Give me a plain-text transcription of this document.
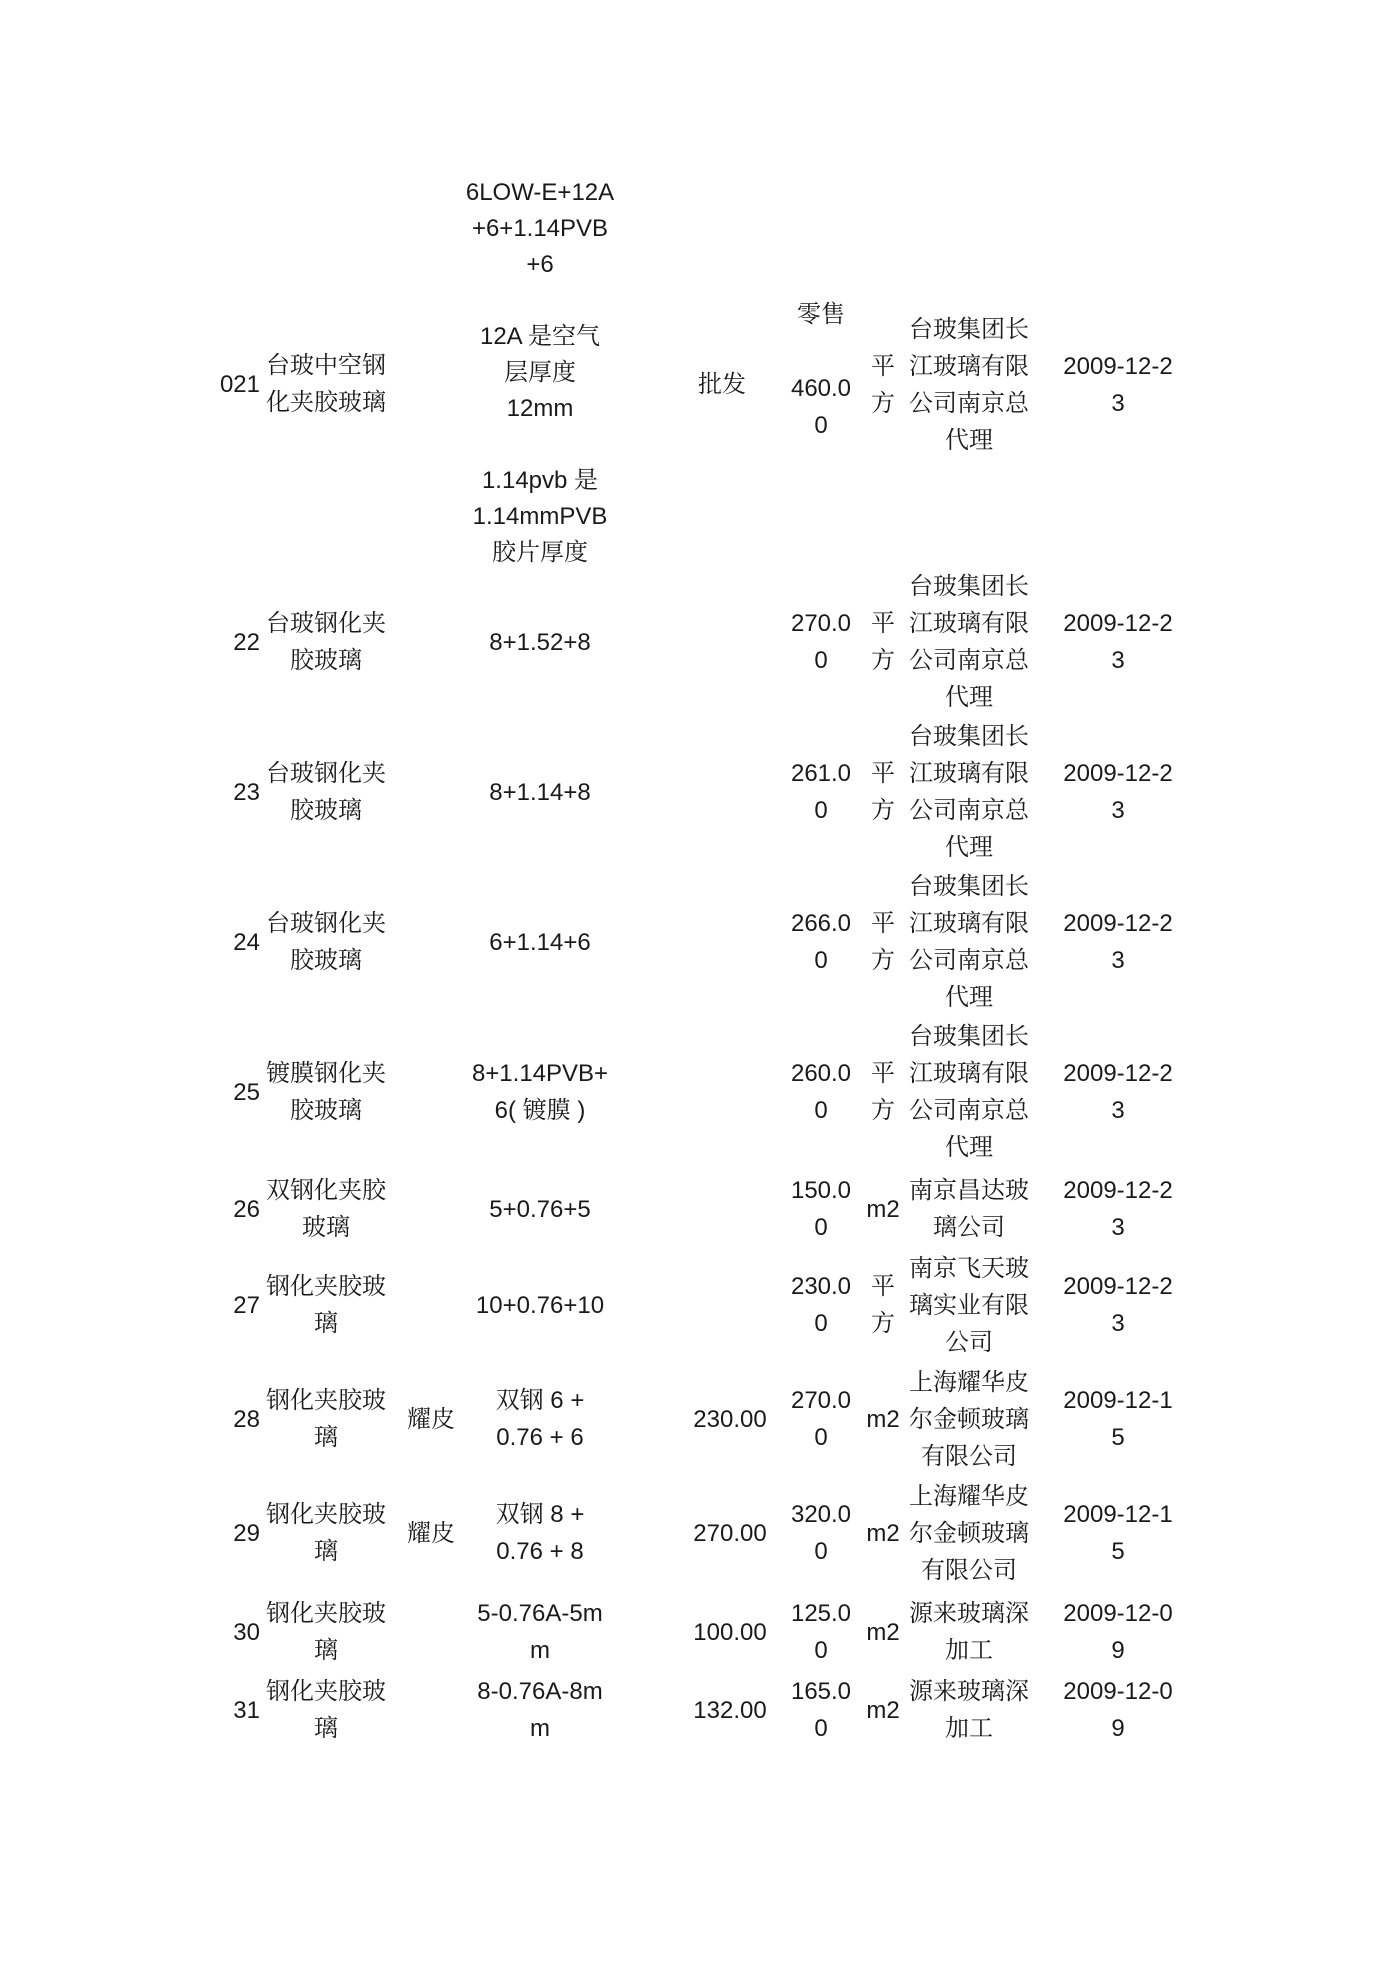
021
台玻中空钢
化夹胶玻璃
6LOW-E+12A
+6+1.14PVB
+6

12A 是空气
层厚度
12mm

1.14pvb 是
1.14mmPVB
胶片厚度
批发
零售

460.0
0
平
方
台玻集团长
江玻璃有限
公司南京总
代理
2009-12-2
3
22
台玻钢化夹
胶玻璃
8+1.52+8
270.0
0
平
方
台玻集团长
江玻璃有限
公司南京总
代理
2009-12-2
3
23
台玻钢化夹
胶玻璃
8+1.14+8
261.0
0
平
方
台玻集团长
江玻璃有限
公司南京总
代理
2009-12-2
3
24
台玻钢化夹
胶玻璃
6+1.14+6
266.0
0
平
方
台玻集团长
江玻璃有限
公司南京总
代理
2009-12-2
3
25
镀膜钢化夹
胶玻璃
8+1.14PVB+
6( 镀膜 )
260.0
0
平
方
台玻集团长
江玻璃有限
公司南京总
代理
2009-12-2
3
26
双钢化夹胶
玻璃
5+0.76+5
150.0
0
m2
南京昌达玻
璃公司
2009-12-2
3
27
钢化夹胶玻
璃
10+0.76+10
230.0
0
平
方
南京飞天玻
璃实业有限
公司
2009-12-2
3
28
钢化夹胶玻
璃
耀皮
双钢 6 +
0.76 + 6
230.00
270.0
0
m2
上海耀华皮
尔金顿玻璃
有限公司
2009-12-1
5
29
钢化夹胶玻
璃
耀皮
双钢 8 +
0.76 + 8
270.00
320.0
0
m2
上海耀华皮
尔金顿玻璃
有限公司
2009-12-1
5
30
钢化夹胶玻
璃
5-0.76A-5m
m
100.00
125.0
0
m2
源来玻璃深
加工
2009-12-0
9
31
钢化夹胶玻
璃
8-0.76A-8m
m
132.00
165.0
0
m2
源来玻璃深
加工
2009-12-0
9
